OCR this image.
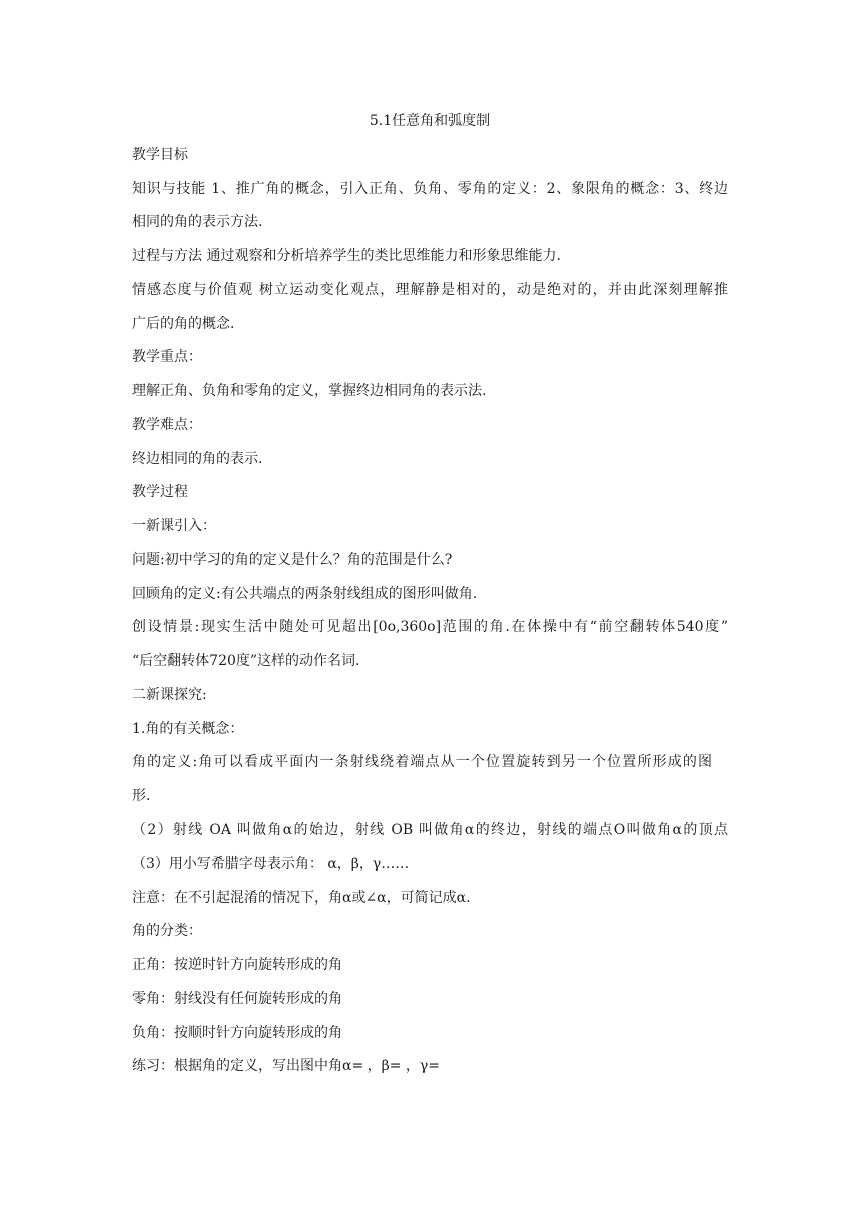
5.1任意角和弧度制
教学目标
知识与技能 1、推广角的概念，引入正角、负角、零角的定义：2、象限角的概念：3、终边
相同的角的表示方法.
过程与方法 通过观察和分析培养学生的类比思维能力和形象思维能力.
情感态度与价值观 树立运动变化观点，理解静是相对的，动是绝对的，并由此深刻理解推
广后的角的概念.
教学重点：
理解正角、负角和零角的定义，掌握终边相同角的表示法.
教学难点：
终边相同的角的表示.
教学过程
一新课引入：
问题:初中学习的角的定义是什么？角的范围是什么?
回顾角的定义:有公共端点的两条射线组成的图形叫做角.
创设情景:现实生活中随处可见超出[0o,360o]范围的角.在体操中有“前空翻转体540度”
“后空翻转体720度”这样的动作名词.
二新课探究:
1.角的有关概念：
角的定义:角可以看成平面内一条射线绕着端点从一个位置旋转到另一个位置所形成的图
形.
（2）射线 OA 叫做角α的始边，射线 OB 叫做角α的终边，射线的端点O叫做角α的顶点
（3）用小写希腊字母表示角： α，β，γ……
注意：在不引起混淆的情况下，角α或∠α，可简记成α.
角的分类：
正角：按逆时针方向旋转形成的角
零角：射线没有任何旋转形成的角
负角：按顺时针方向旋转形成的角
练习：根据角的定义，写出图中角α= ，β= ，γ=
